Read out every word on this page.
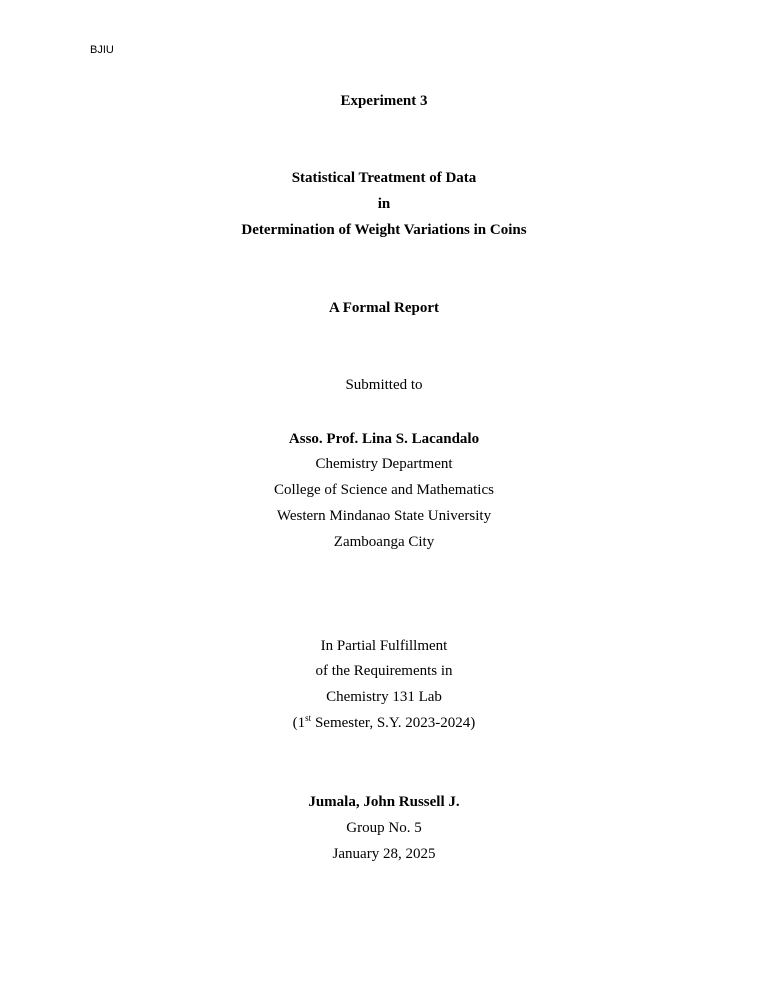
BJIU
Experiment 3
Statistical Treatment of Data
in
Determination of Weight Variations in Coins
A Formal Report
Submitted to
Asso. Prof. Lina S. Lacandalo
Chemistry Department
College of Science and Mathematics
Western Mindanao State University
Zamboanga City
In Partial Fulfillment
of the Requirements in
Chemistry 131 Lab
(1st Semester, S.Y. 2023-2024)
Jumala, John Russell J.
Group No. 5
January 28, 2025
